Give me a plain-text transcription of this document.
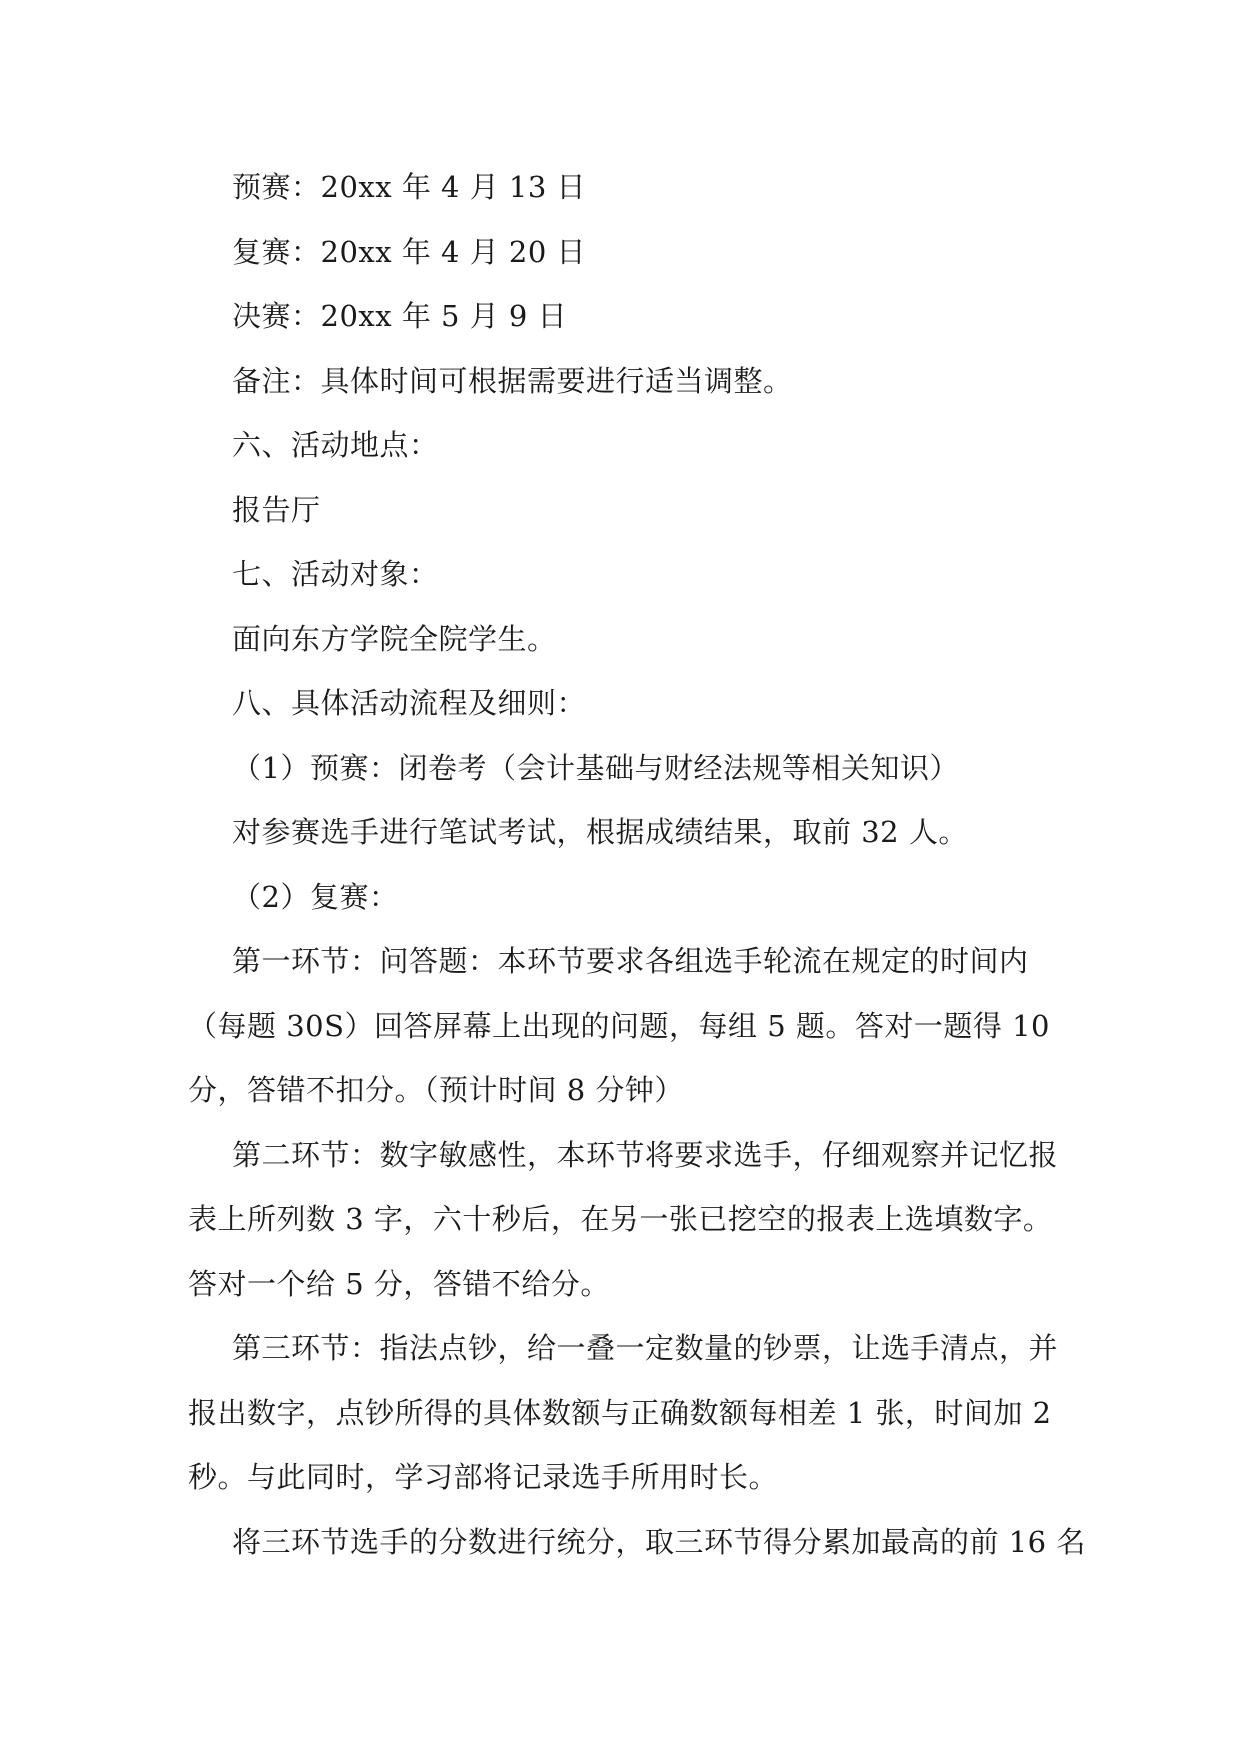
预赛：20xx 年 4 月 13 日

复赛：20xx 年 4 月 20 日

决赛：20xx 年 5 月 9 日

备注：具体时间可根据需要进行适当调整。

六、活动地点：

报告厅

七、活动对象：

面向东方学院全院学生。

八、具体活动流程及细则：

（1）预赛：闭卷考（会计基础与财经法规等相关知识）

对参赛选手进行笔试考试，根据成绩结果，取前 32 人。

（2）复赛：

第一环节：问答题：本环节要求各组选手轮流在规定的时间内（每题 30S）回答屏幕上出现的问题，每组 5 题。答对一题得 10 分，答错不扣分。（预计时间 8 分钟）

第二环节：数字敏感性，本环节将要求选手，仔细观察并记忆报表上所列数 3 字，六十秒后，在另一张已挖空的报表上选填数字。答对一个给 5 分，答错不给分。

第三环节：指法点钞，给一叠一定数量的钞票，让选手清点，并报出数字，点钞所得的具体数额与正确数额每相差 1 张，时间加 2 秒。与此同时，学习部将记录选手所用时长。

将三环节选手的分数进行统分，取三环节得分累加最高的前 16 名
